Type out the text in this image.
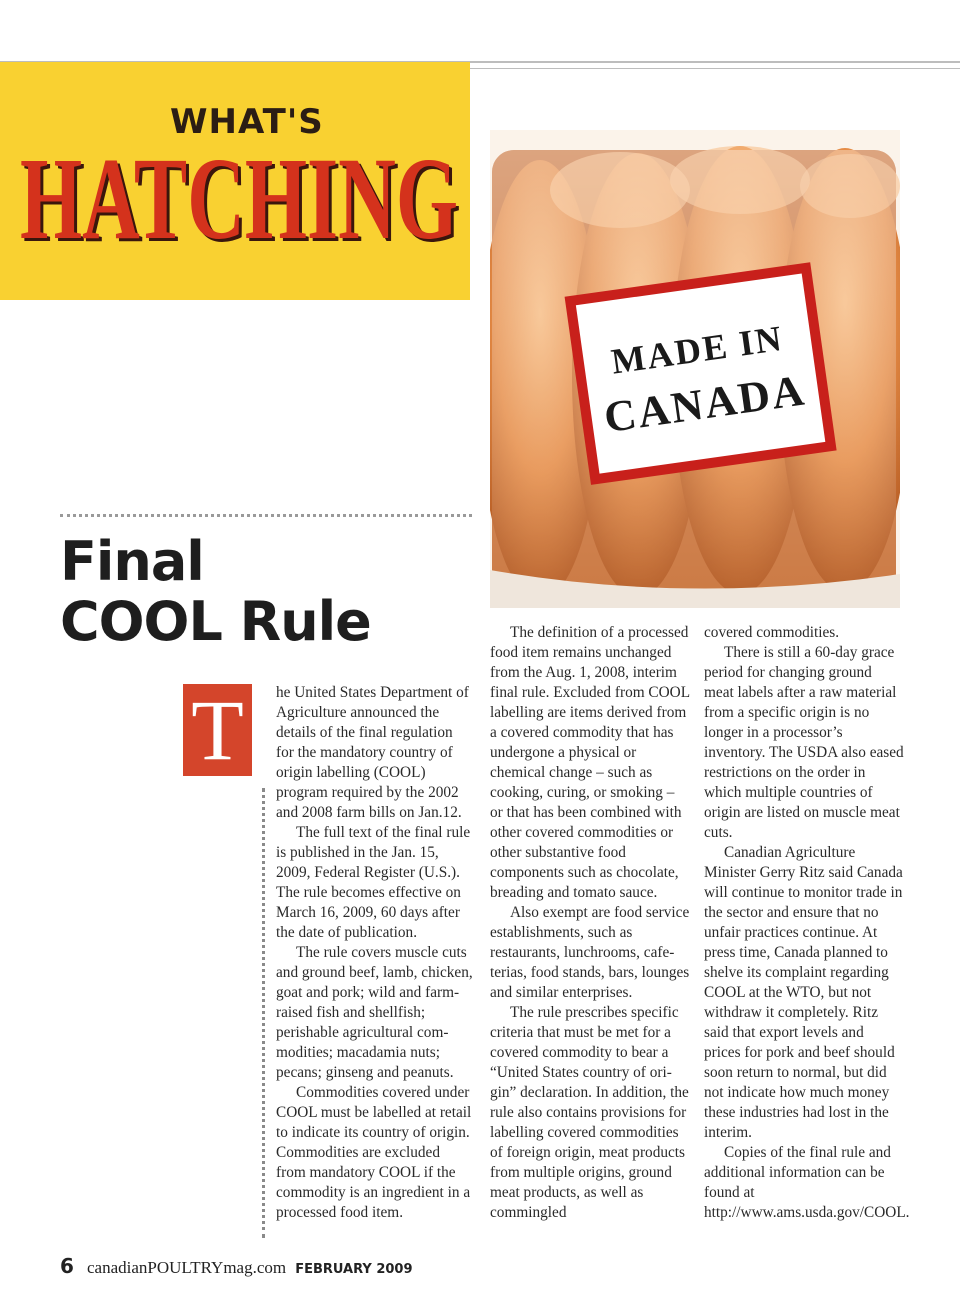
WHAT'S
HATCHING
HATCHING
MADE IN
CANADA
Final
COOL Rule
T	he United States Department of Agriculture announced the details of the final regulation for the mandatory country of origin labelling (COOL) program required by the 2002 and 2008 farm bills on Jan.12.

The full text of the final rule is published in the Jan. 15, 2009, Federal Register (U.S.). The rule becomes effective on March 16, 2009, 60 days after the date of publication.

The rule covers muscle cuts and ground beef, lamb, chicken, goat and pork; wild and farm-raised fish and shellfish; perishable agricultural commodities; macadamia nuts; pecans; ginseng and peanuts.

Commodities covered under COOL must be labelled at retail to indicate its country of origin. Commodities are excluded from mandatory COOL if the commodity is an ingredient in a processed food item.

The definition of a processed food item remains unchanged from the Aug. 1, 2008, interim final rule. Excluded from COOL labelling are items derived from a covered commodity that has undergone a physical or chemical change – such as cooking, curing, or smoking – or that has been combined with other covered commodities or other substantive food components such as chocolate, breading and tomato sauce.

Also exempt are food service establishments, such as restaurants, lunchrooms, cafeterias, food stands, bars, lounges and similar enterprises.

The rule prescribes specific criteria that must be met for a covered commodity to bear a “United States country of origin” declaration. In addition, the rule also contains provisions for labelling covered commodities of foreign origin, meat products from multiple origins, ground meat products, as well as commingled

covered commodities.

There is still a 60-day grace period for changing ground meat labels after a raw material from a specific origin is no longer in a processor’s inventory. The USDA also eased restrictions on the order in which multiple countries of origin are listed on muscle meat cuts.

Canadian Agriculture Minister Gerry Ritz said Canada will continue to monitor trade in the sector and ensure that no unfair practices continue. At press time, Canada planned to shelve its complaint regarding COOL at the WTO, but not withdraw it completely. Ritz said that export levels and prices for pork and beef should soon return to normal, but did not indicate how much money these industries had lost in the interim.

Copies of the final rule and additional information can be found at http://www.ams.usda.gov/COOL.

6 canadianPOULTRYmag.com FEBRUARY 2009
